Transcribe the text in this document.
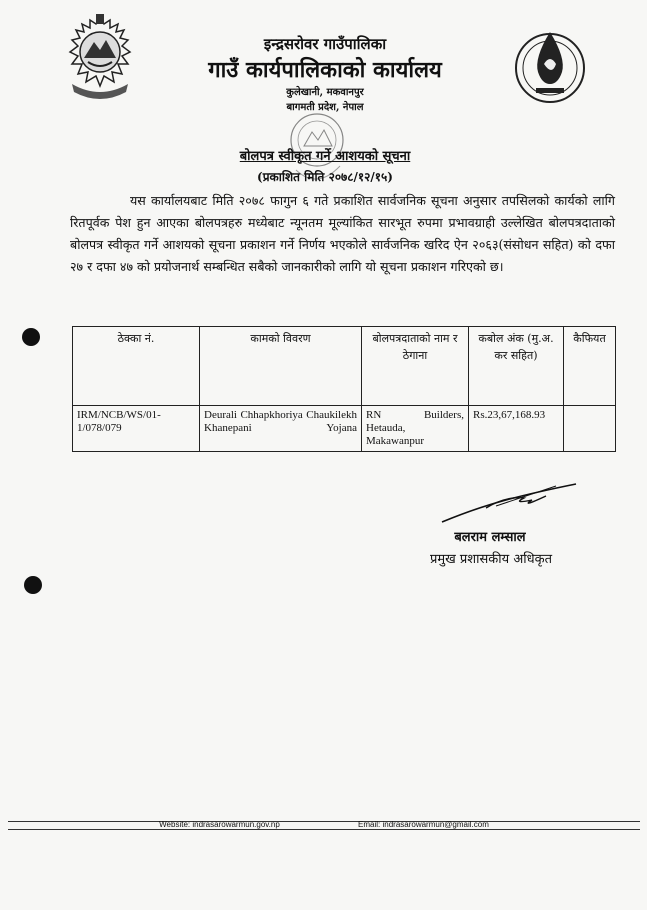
इन्द्रसरोवर गाउँपालिका
गाउँ कार्यपालिकाको कार्यालय
कुलेखानी, मकवानपुर
बागमती प्रदेश, नेपाल
बोलपत्र स्वीकृत गर्ने आशयको सूचना
(प्रकाशित मिति २०७८/१२/१५)

यस कार्यालयबाट मिति २०७८ फागुन ६ गते प्रकाशित सार्वजनिक सूचना अनुसार तपसिलको कार्यको लागि रितपूर्वक पेश हुन आएका बोलपत्रहरु मध्येबाट न्यूनतम मूल्यांकित सारभूत रुपमा प्रभावग्राही उल्लेखित बोलपत्रदाताको बोलपत्र स्वीकृत गर्ने आशयको सूचना प्रकाशन गर्ने निर्णय भएकोले सार्वजनिक खरिद ऐन २०६३(संसोधन सहित) को दफा २७ र दफा ४७ को प्रयोजनार्थ सम्बन्धित सबैको जानकारीको लागि यो सूचना प्रकाशन गरिएको छ।

ठेक्का नं.	कामको विवरण	बोलपत्रदाताको नाम र ठेगाना	कबोल अंक (मु.अ. कर सहित)	कैफियत
IRM/NCB/WS/01-1/078/079	Deurali Chhapkhoriya Chaukilekh Khanepani Yojana	RN Builders, Hetauda, Makawanpur	Rs.23,67,168.93	
बलराम लम्साल
प्रमुख प्रशासकीय अधिकृत
Website: indrasarowarmun.gov.np	Email: indrasarowarmun@gmail.com
